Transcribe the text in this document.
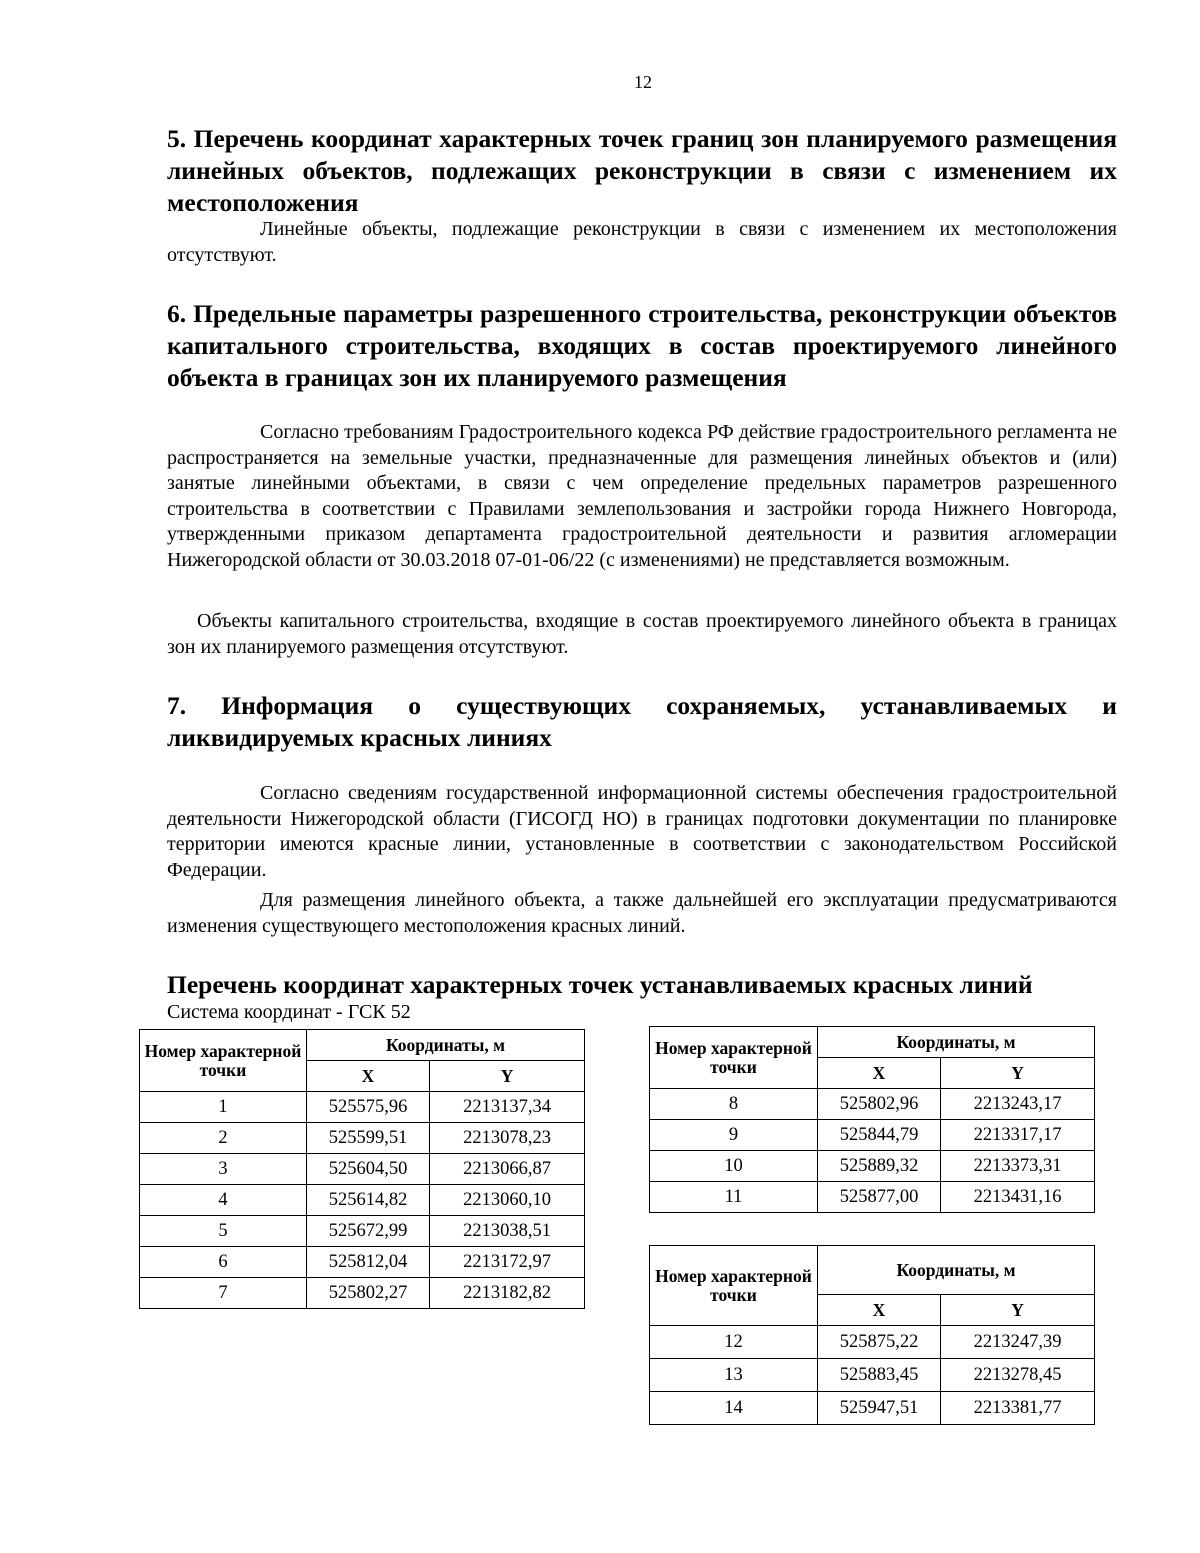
12
5. Перечень координат характерных точек границ зон планируемого размещения линейных объектов, подлежащих реконструкции в связи с изменением их местоположения

Линейные объекты, подлежащие реконструкции в связи с изменением их местоположения отсутствуют.

6. Предельные параметры разрешенного строительства, реконструкции объектов капитального строительства, входящих в состав проектируемого линейного объекта в границах зон их планируемого размещения

Согласно требованиям Градостроительного кодекса РФ действие градостроительного регламента не распространяется на земельные участки, предназначенные для размещения линейных объектов и (или) занятые линейными объектами, в связи с чем определение предельных параметров разрешенного строительства в соответствии с Правилами землепользования и застройки города Нижнего Новгорода, утвержденными приказом департамента градостроительной деятельности и развития агломерации Нижегородской области от 30.03.2018 07-01-06/22 (с изменениями) не представляется возможным.

Объекты капитального строительства, входящие в состав проектируемого линейного объекта в границах зон их планируемого размещения отсутствуют.

7. Информация о существующих сохраняемых, устанавливаемых и ликвидируемых красных линиях

Согласно сведениям государственной информационной системы обеспечения градостроительной деятельности Нижегородской области (ГИСОГД НО) в границах подготовки документации по планировке территории имеются красные линии, установленные в соответствии с законодательством Российской Федерации.

Для размещения линейного объекта, а также дальнейшей его эксплуатации предусматриваются изменения существующего местоположения красных линий.

Перечень координат характерных точек устанавливаемых красных линий
Система координат - ГСК 52
Номер характерной точки	Координаты, м	
	X	Y
1	525575,96	2213137,34
2	525599,51	2213078,23
3	525604,50	2213066,87
4	525614,82	2213060,10
5	525672,99	2213038,51
6	525812,04	2213172,97
7	525802,27	2213182,82
Номер характерной точки	Координаты, м	
	X	Y
8	525802,96	2213243,17
9	525844,79	2213317,17
10	525889,32	2213373,31
11	525877,00	2213431,16
Номер характерной точки	Координаты, м	
	X	Y
12	525875,22	2213247,39
13	525883,45	2213278,45
14	525947,51	2213381,77
